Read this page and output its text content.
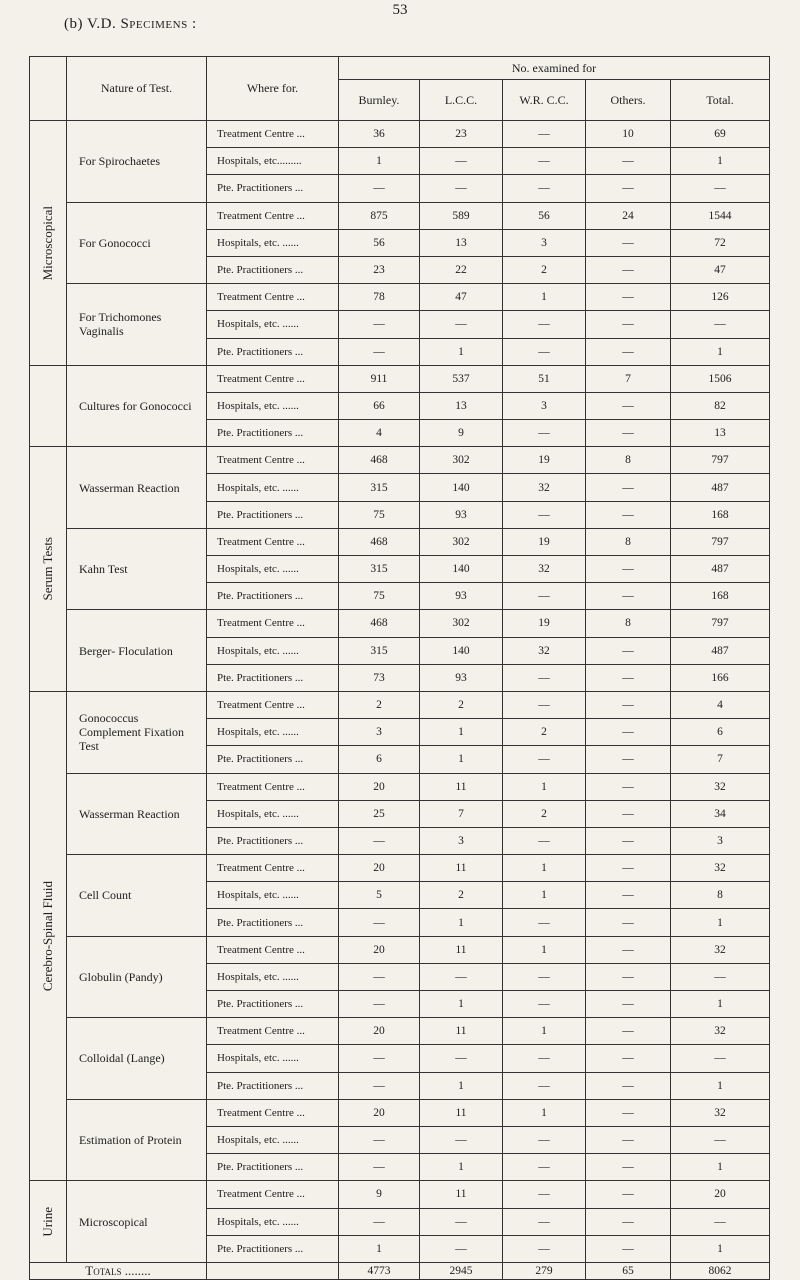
53
(b) V.D. Specimens :
	Nature of Test.	Where for.	No. examined for				
			Burnley.	L.C.C.	W.R. C.C.	Others.	Total.

Microscopical	For Spirochaetes	Treatment Centre ...	36	23	—	10	69
		Hospitals, etc.........	1	—	—	—	1
		Pte. Practitioners ...	—	—	—	—	—
	For Gonococci	Treatment Centre ...	875	589	56	24	1544
		Hospitals, etc. ......	56	13	3	—	72
		Pte. Practitioners ...	23	22	2	—	47
	For Trichomones Vaginalis	Treatment Centre ...	78	47	1	—	126
		Hospitals, etc. ......	—	—	—	—	—
		Pte. Practitioners ...	—	1	—	—	1

	Cultures for Gonococci	Treatment Centre ...	911	537	51	7	1506
		Hospitals, etc. ......	66	13	3	—	82
		Pte. Practitioners ...	4	9	—	—	13

Serum Tests	Wasserman Reaction	Treatment Centre ...	468	302	19	8	797
		Hospitals, etc. ......	315	140	32	—	487
		Pte. Practitioners ...	75	93	—	—	168
	Kahn Test	Treatment Centre ...	468	302	19	8	797
		Hospitals, etc. ......	315	140	32	—	487
		Pte. Practitioners ...	75	93	—	—	168
	Berger- Floculation	Treatment Centre ...	468	302	19	8	797
		Hospitals, etc. ......	315	140	32	—	487
		Pte. Practitioners ...	73	93	—	—	166

Cerebro-Spinal Fluid	Gonococcus Complement Fixation Test	Treatment Centre ...	2	2	—	—	4
		Hospitals, etc. ......	3	1	2	—	6
		Pte. Practitioners ...	6	1	—	—	7
	Wasserman Reaction	Treatment Centre ...	20	11	1	—	32
		Hospitals, etc. ......	25	7	2	—	34
		Pte. Practitioners ...	—	3	—	—	3
	Cell Count	Treatment Centre ...	20	11	1	—	32
		Hospitals, etc. ......	5	2	1	—	8
		Pte. Practitioners ...	—	1	—	—	1
	Globulin (Pandy)	Treatment Centre ...	20	11	1	—	32
		Hospitals, etc. ......	—	—	—	—	—
		Pte. Practitioners ...	—	1	—	—	1
	Colloidal (Lange)	Treatment Centre ...	20	11	1	—	32
		Hospitals, etc. ......	—	—	—	—	—
		Pte. Practitioners ...	—	1	—	—	1
	Estimation of Protein	Treatment Centre ...	20	11	1	—	32
		Hospitals, etc. ......	—	—	—	—	—
		Pte. Practitioners ...	—	1	—	—	1

Urine	Microscopical	Treatment Centre ...	9	11	—	—	20
		Hospitals, etc. ......	—	—	—	—	—
		Pte. Practitioners ...	1	—	—	—	1
Totals ........			4773	2945	279	65	8062
